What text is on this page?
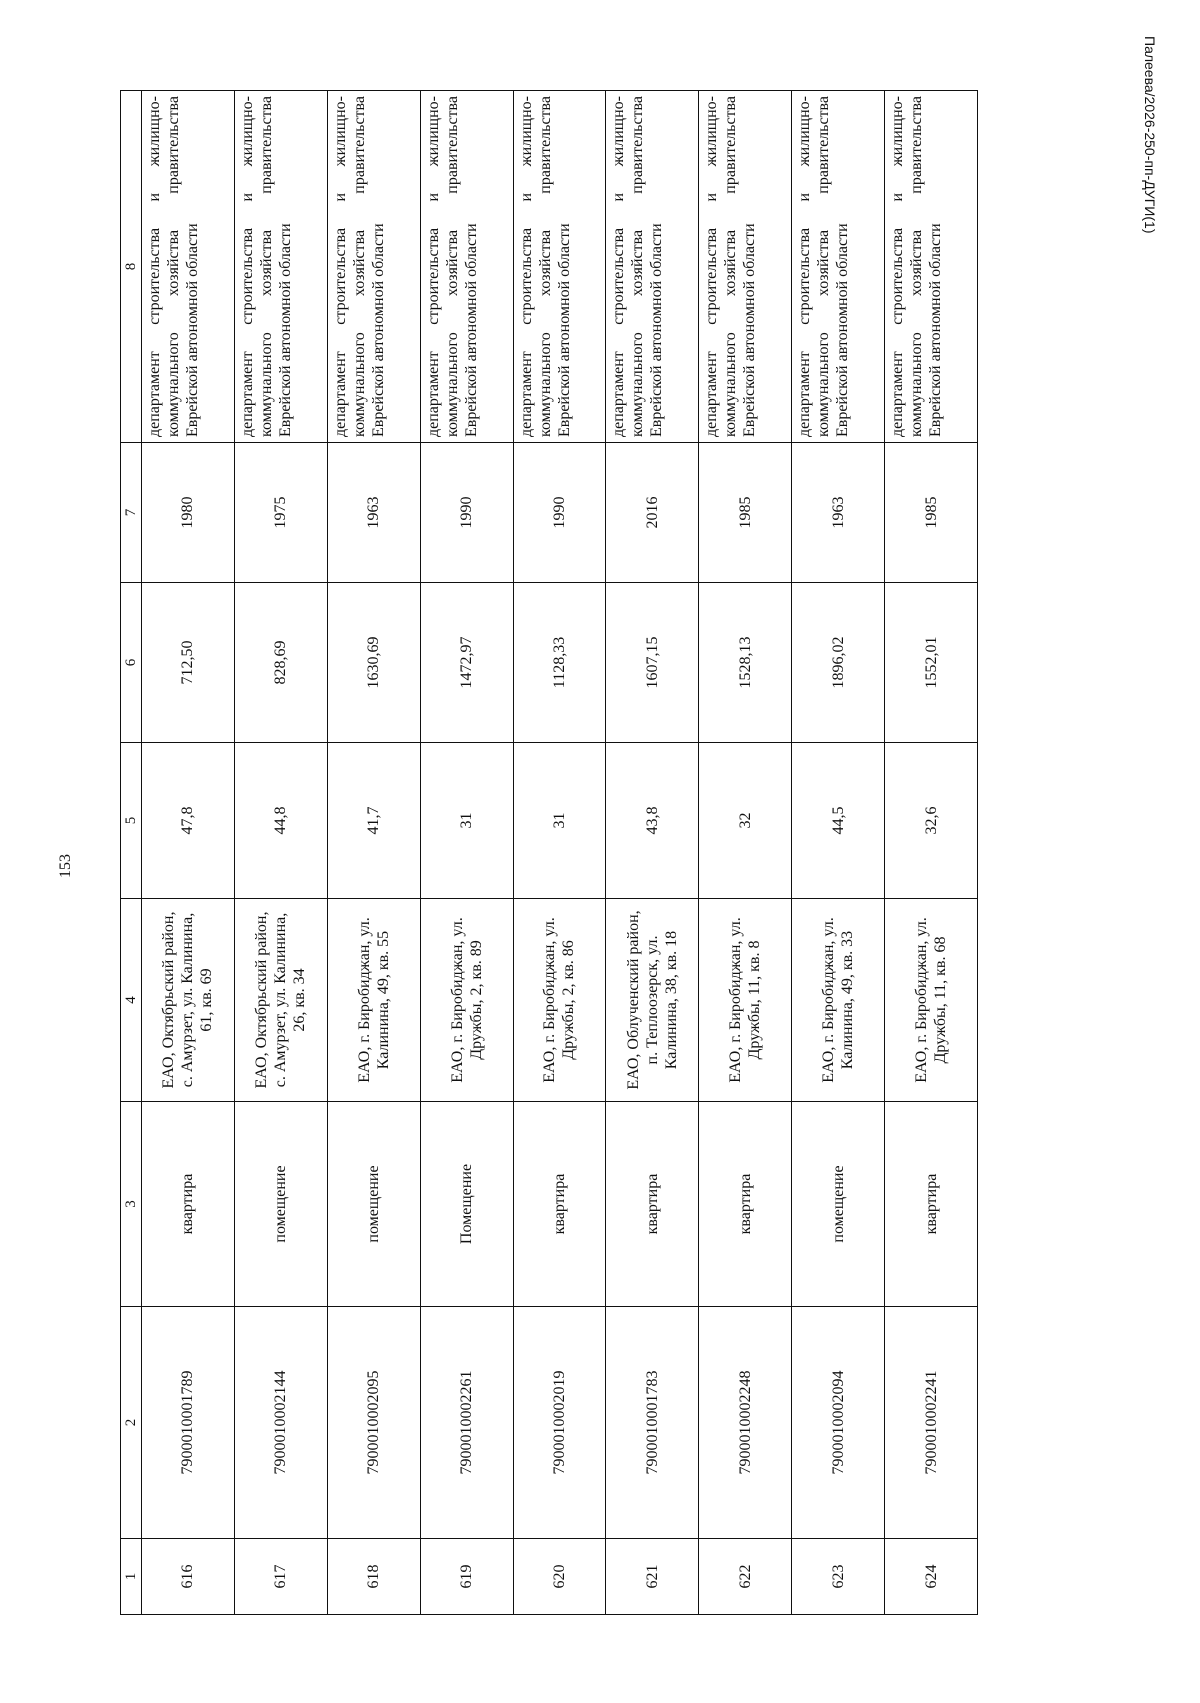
153
Палеева/2026-250-пп-ДУГИ(1)
1	2	3	4	5	6	7	8
616	7900010001789	квартира	ЕАО, Октябрьский район, с. Амурзет, ул. Калинина, 61, кв. 69	47,8	712,50	1980	департамент строительства и жилищно-коммунального хозяйства правительства Еврейской автономной области
617	7900010002144	помещение	ЕАО, Октябрьский район, с. Амурзет, ул. Калинина, 26, кв. 34	44,8	828,69	1975	департамент строительства и жилищно-коммунального хозяйства правительства Еврейской автономной области
618	7900010002095	помещение	ЕАО, г. Биробиджан, ул. Калинина, 49, кв. 55	41,7	1630,69	1963	департамент строительства и жилищно-коммунального хозяйства правительства Еврейской автономной области
619	7900010002261	Помещение	ЕАО, г. Биробиджан, ул. Дружбы, 2, кв. 89	31	1472,97	1990	департамент строительства и жилищно-коммунального хозяйства правительства Еврейской автономной области
620	7900010002019	квартира	ЕАО, г. Биробиджан, ул. Дружбы, 2, кв. 86	31	1128,33	1990	департамент строительства и жилищно-коммунального хозяйства правительства Еврейской автономной области
621	7900010001783	квартира	ЕАО, Облученский район, п. Теплоозерск, ул. Калинина, 38, кв. 18	43,8	1607,15	2016	департамент строительства и жилищно-коммунального хозяйства правительства Еврейской автономной области
622	7900010002248	квартира	ЕАО, г. Биробиджан, ул. Дружбы, 11, кв. 8	32	1528,13	1985	департамент строительства и жилищно-коммунального хозяйства правительства Еврейской автономной области
623	7900010002094	помещение	ЕАО, г. Биробиджан, ул. Калинина, 49, кв. 33	44,5	1896,02	1963	департамент строительства и жилищно-коммунального хозяйства правительства Еврейской автономной области
624	7900010002241	квартира	ЕАО, г. Биробиджан, ул. Дружбы, 11, кв. 68	32,6	1552,01	1985	департамент строительства и жилищно-коммунального хозяйства правительства Еврейской автономной области
